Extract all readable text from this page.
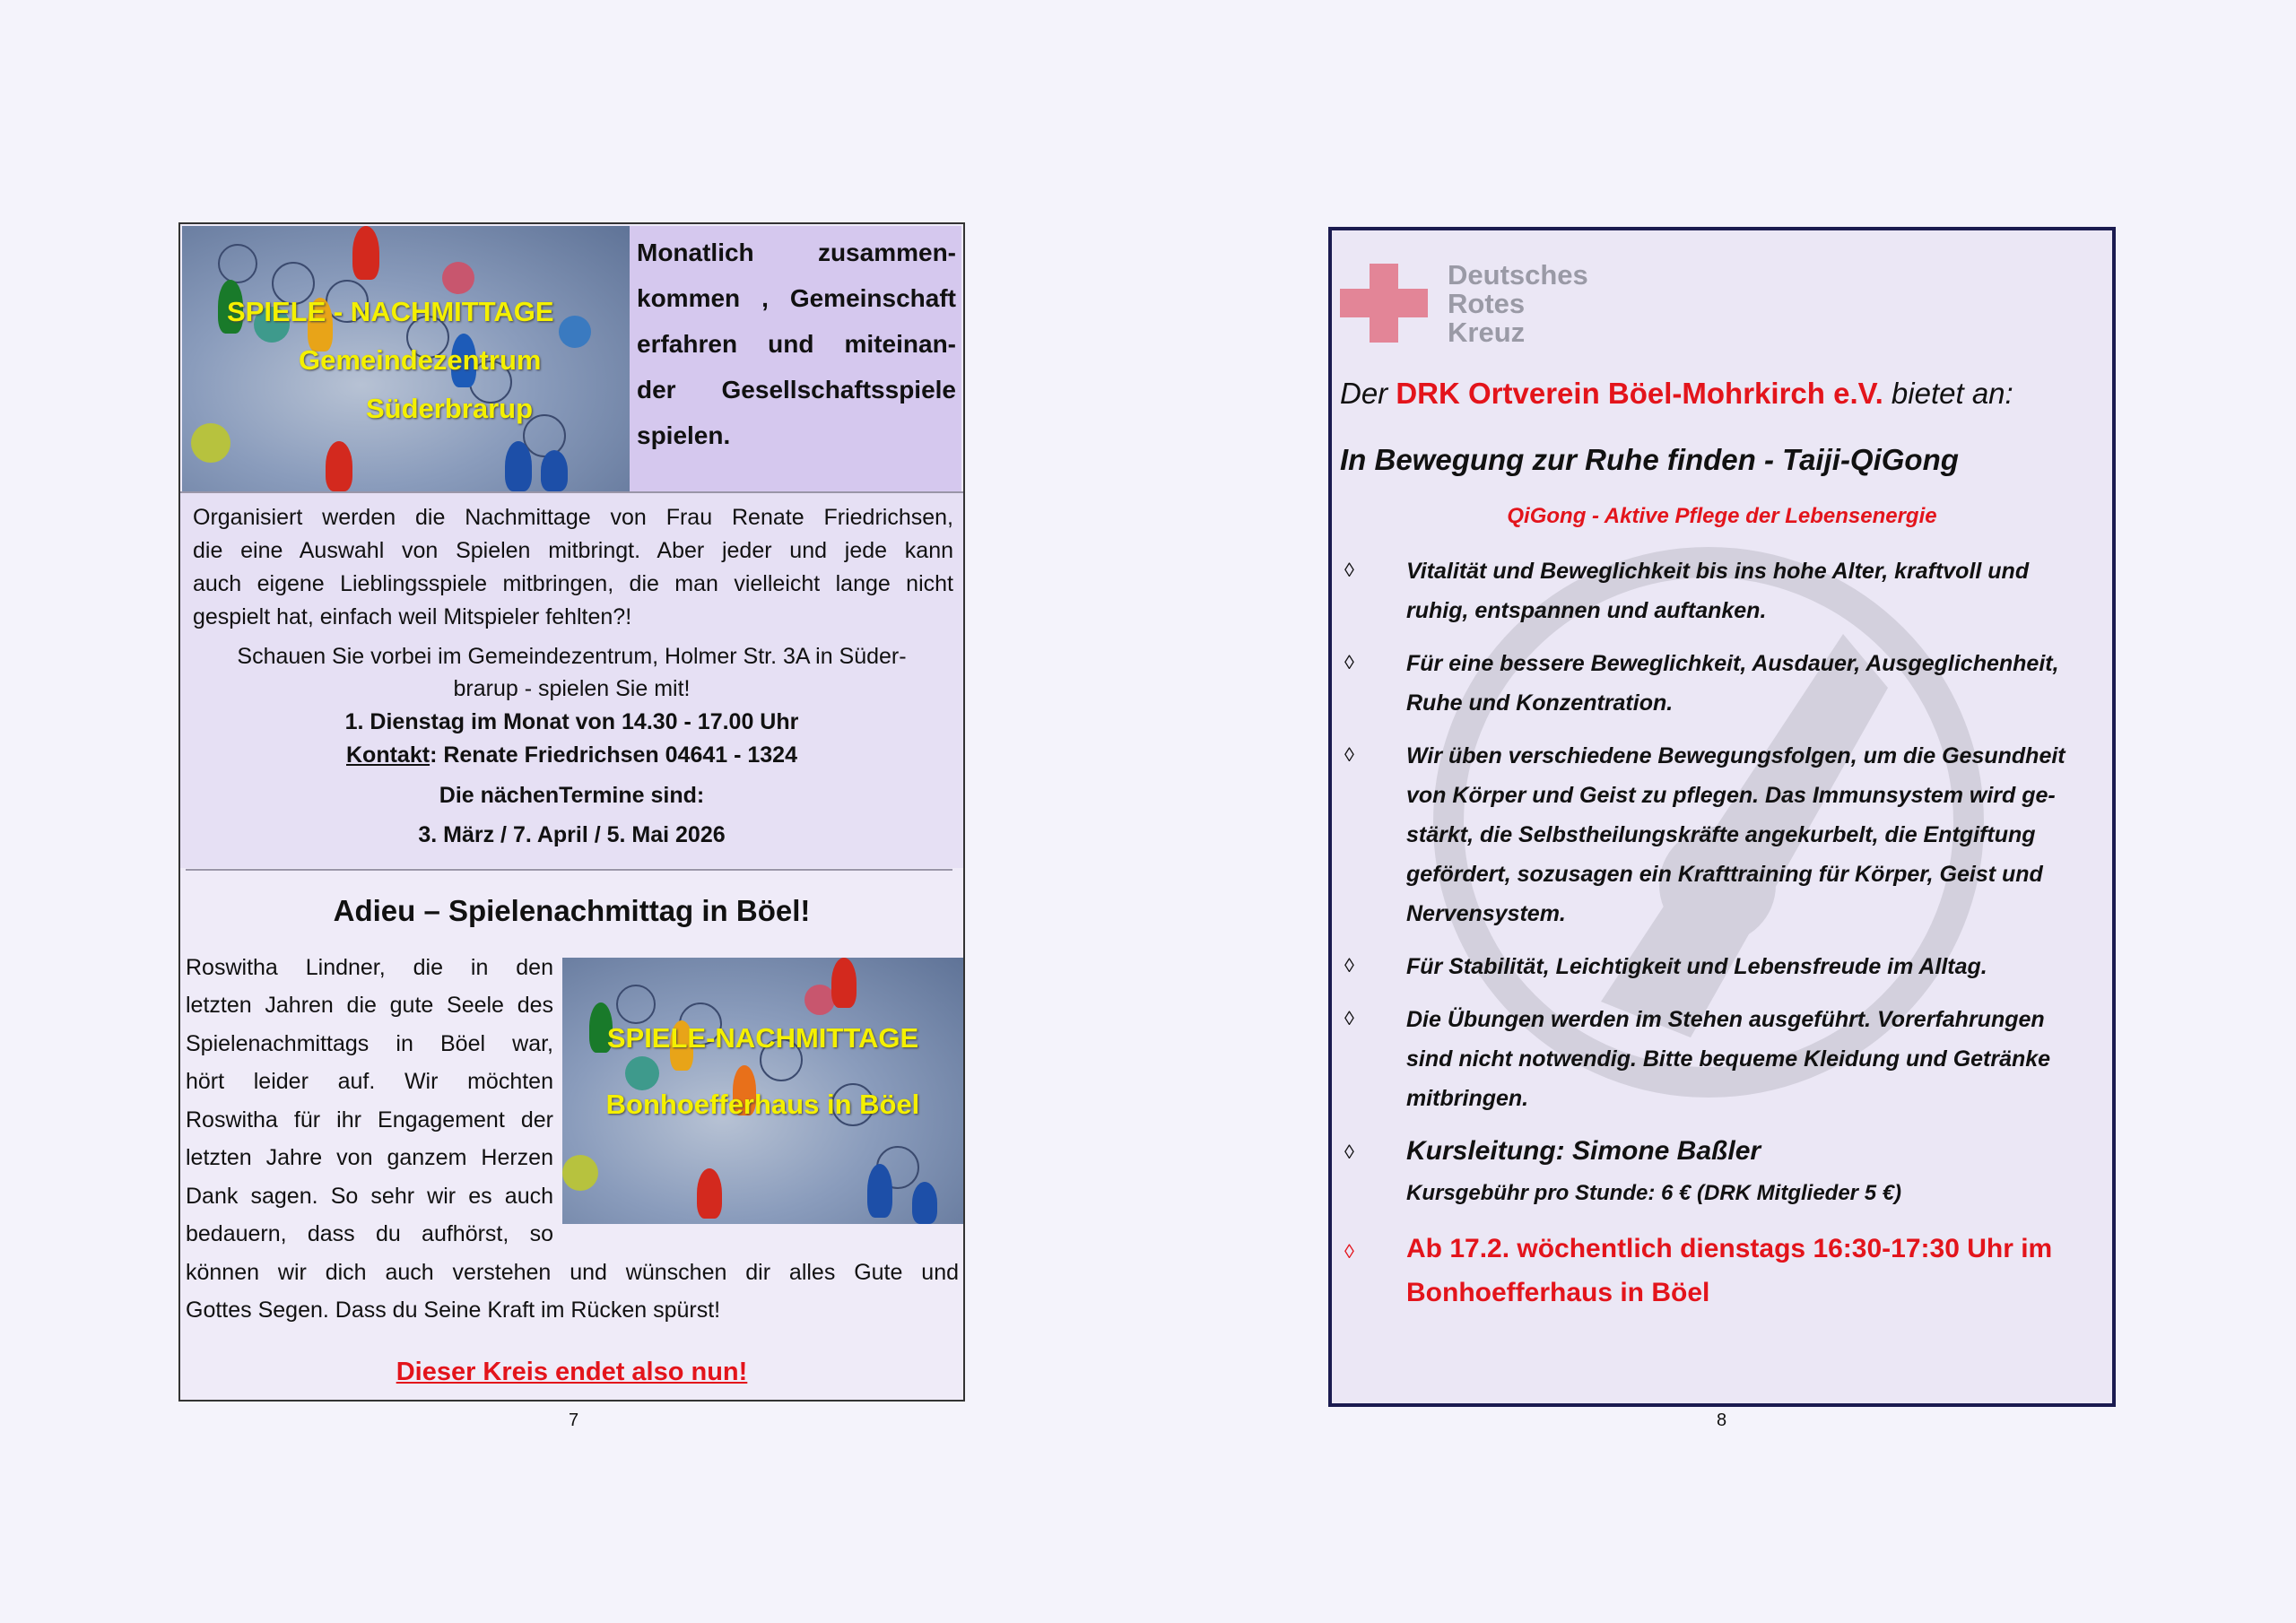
SPIELE - NACHMITTAGE
Gemeindezentrum
Süderbrarup
Monatlich zusammen-
kommen , Gemeinschaft
erfahren und miteinan-
der Gesellschaftsspiele
spielen.
Organisiert werden die Nachmittage von Frau Renate Friedrichsen,
die eine Auswahl von Spielen mitbringt. Aber jeder und jede kann
auch eigene Lieblingsspiele mitbringen, die man vielleicht lange nicht
gespielt hat, einfach weil Mitspieler fehlten?!
Schauen Sie vorbei im Gemeindezentrum, Holmer Str. 3A in Süder-
brarup - spielen Sie mit!
1. Dienstag im Monat von 14.30 - 17.00 Uhr
Kontakt: Renate Friedrichsen 04641 - 1324
Die nächenTermine sind:
3. März / 7. April / 5. Mai 2026
Adieu – Spielenachmittag in Böel!
Roswitha Lindner, die in den
letzten Jahren die gute Seele des
Spielenachmittags in Böel war,
hört leider auf. Wir möchten
Roswitha für ihr Engagement der
letzten Jahre von ganzem Herzen
Dank sagen. So sehr wir es auch
bedauern, dass du aufhörst, so
können wir dich auch verstehen und wünschen dir alles Gute und
Gottes Segen. Dass du Seine Kraft im Rücken spürst!
SPIELE-NACHMITTAGE
Bonhoefferhaus in Böel
Dieser Kreis endet also nun!
7
Deutsches
Rotes
Kreuz
Der DRK Ortverein Böel-Mohrkirch e.V. bietet an:
In Bewegung zur Ruhe finden - Taiji-QiGong
QiGong - Aktive Pflege der Lebensenergie
◊ Vitalität und Beweglichkeit bis ins hohe Alter, kraftvoll und
ruhig, entspannen und auftanken.
◊ Für eine bessere Beweglichkeit, Ausdauer, Ausgeglichenheit,
Ruhe und Konzentration.
◊ Wir üben verschiedene Bewegungsfolgen, um die Gesundheit
von Körper und Geist zu pflegen. Das Immunsystem wird ge-
stärkt, die Selbstheilungskräfte angekurbelt, die Entgiftung
gefördert, sozusagen ein Krafttraining für Körper, Geist und
Nervensystem.
◊ Für Stabilität, Leichtigkeit und Lebensfreude im Alltag.
◊ Die Übungen werden im Stehen ausgeführt. Vorerfahrungen
sind nicht notwendig. Bitte bequeme Kleidung und Getränke
mitbringen.
◊ Kursleitung: Simone Baßler
Kursgebühr pro Stunde: 6 € (DRK Mitglieder 5 €)
◊ Ab 17.2. wöchentlich dienstags 16:30-17:30 Uhr im
Bonhoefferhaus in Böel
8
